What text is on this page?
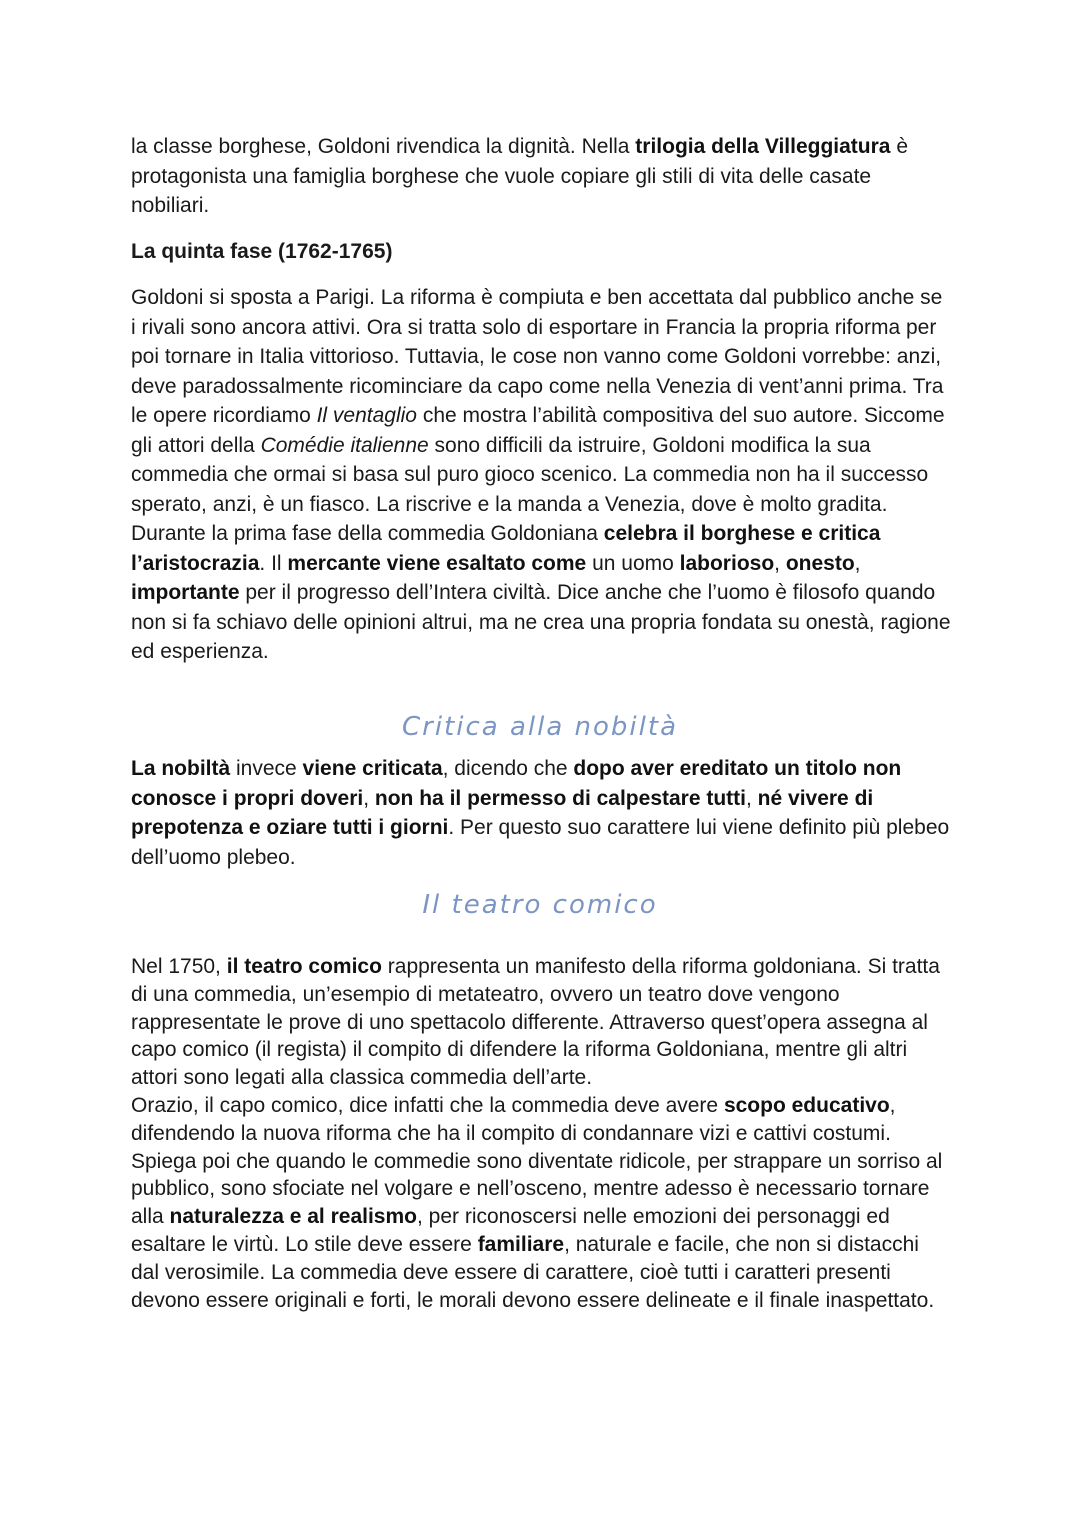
la classe borghese, Goldoni rivendica la dignità. Nella trilogia della Villeggiatura è protagonista una famiglia borghese che vuole copiare gli stili di vita delle casate nobiliari.

La quinta fase (1762-1765)

Goldoni si sposta a Parigi. La riforma è compiuta e ben accettata dal pubblico anche se i rivali sono ancora attivi. Ora si tratta solo di esportare in Francia la propria riforma per poi tornare in Italia vittorioso. Tuttavia, le cose non vanno come Goldoni vorrebbe: anzi, deve paradossalmente ricominciare da capo come nella Venezia di vent’anni prima. Tra le opere ricordiamo Il ventaglio che mostra l’abilità compositiva del suo autore. Siccome gli attori della Comédie italienne sono difficili da istruire, Goldoni modifica la sua commedia che ormai si basa sul puro gioco scenico. La commedia non ha il successo sperato, anzi, è un fiasco. La riscrive e la manda a Venezia, dove è molto gradita. Durante la prima fase della commedia Goldoniana celebra il borghese e critica l’aristocrazia. Il mercante viene esaltato come un uomo laborioso, onesto, importante per il progresso dell’Intera civiltà. Dice anche che l’uomo è filosofo quando non si fa schiavo delle opinioni altrui, ma ne crea una propria fondata su onestà, ragione ed esperienza.

Critica alla nobiltà

La nobiltà invece viene criticata, dicendo che dopo aver ereditato un titolo non conosce i propri doveri, non ha il permesso di calpestare tutti, né vivere di prepotenza e oziare tutti i giorni. Per questo suo carattere lui viene definito più plebeo dell’uomo plebeo.

Il teatro comico

Nel 1750, il teatro comico rappresenta un manifesto della riforma goldoniana. Si tratta di una commedia, un’esempio di metateatro, ovvero un teatro dove vengono rappresentate le prove di uno spettacolo differente. Attraverso quest’opera assegna al capo comico (il regista) il compito di difendere la riforma Goldoniana, mentre gli altri attori sono legati alla classica commedia dell’arte.
Orazio, il capo comico, dice infatti che la commedia deve avere scopo educativo, difendendo la nuova riforma che ha il compito di condannare vizi e cattivi costumi. Spiega poi che quando le commedie sono diventate ridicole, per strappare un sorriso al pubblico, sono sfociate nel volgare e nell’osceno, mentre adesso è necessario tornare alla naturalezza e al realismo, per riconoscersi nelle emozioni dei personaggi ed esaltare le virtù. Lo stile deve essere familiare, naturale e facile, che non si distacchi dal verosimile. La commedia deve essere di carattere, cioè tutti i caratteri presenti devono essere originali e forti, le morali devono essere delineate e il finale inaspettato.
